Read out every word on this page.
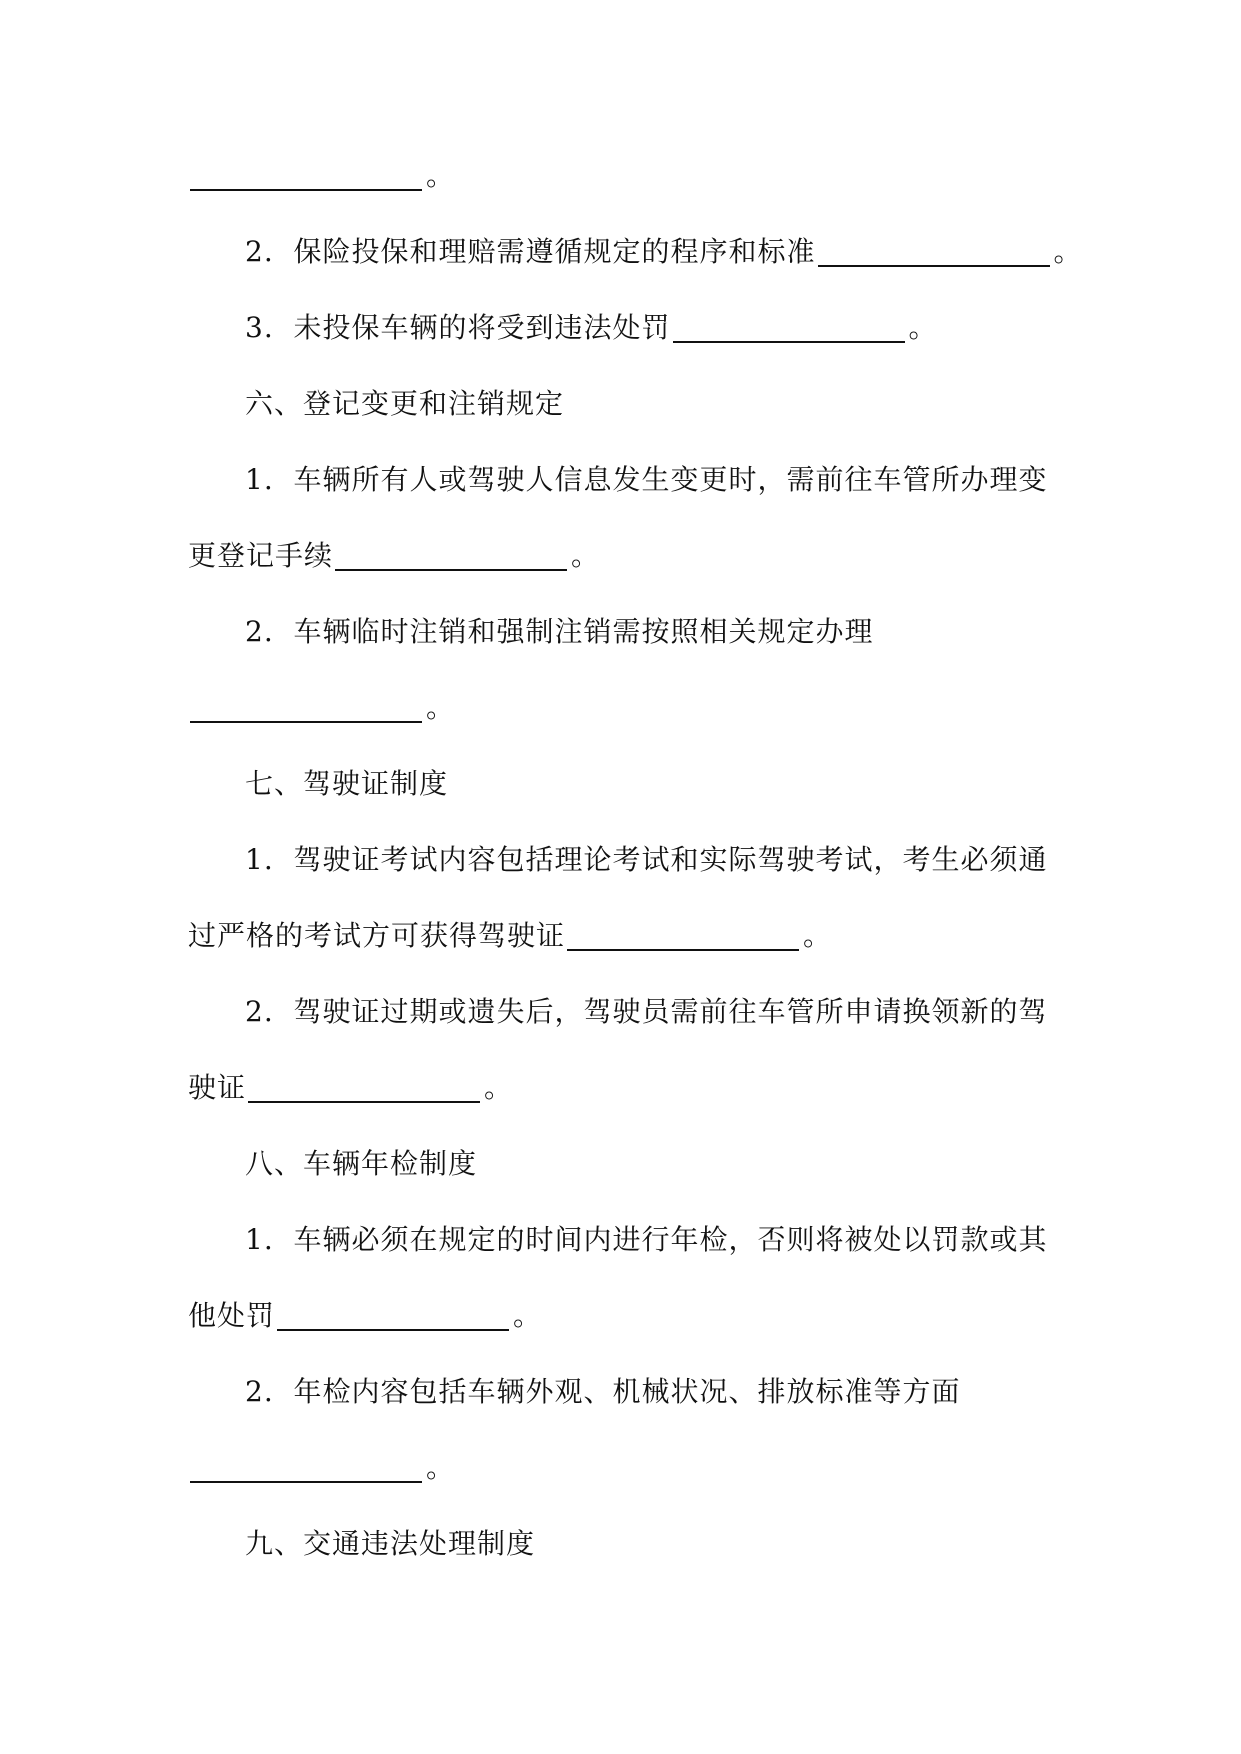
。
2. 保险投保和理赔需遵循规定的程序和标准	。
3. 未投保车辆的将受到违法处罚	。
六、登记变更和注销规定
1. 车辆所有人或驾驶人信息发生变更时，需前往车管所办理变
更登记手续	。
2. 车辆临时注销和强制注销需按照相关规定办理
。
七、驾驶证制度
1. 驾驶证考试内容包括理论考试和实际驾驶考试，考生必须通
过严格的考试方可获得驾驶证	。
2. 驾驶证过期或遗失后，驾驶员需前往车管所申请换领新的驾
驶证	。
八、车辆年检制度
1. 车辆必须在规定的时间内进行年检，否则将被处以罚款或其
他处罚	。
2. 年检内容包括车辆外观、机械状况、排放标准等方面
。
九、交通违法处理制度
